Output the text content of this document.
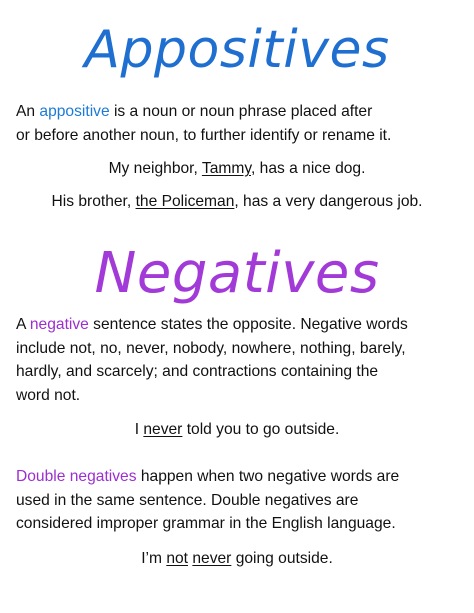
Appositives

An appositive is a noun or noun phrase placed after
or before another noun, to further identify or rename it.

My neighbor, Tammy, has a nice dog.

His brother, the Policeman, has a very dangerous job.

Negatives

A negative sentence states the opposite. Negative words
include not, no, never, nobody, nowhere, nothing, barely,
hardly, and scarcely; and contractions containing the
word not.

I never told you to go outside.

Double negatives happen when two negative words are
used in the same sentence. Double negatives are
considered improper grammar in the English language.

I’m not never going outside.
